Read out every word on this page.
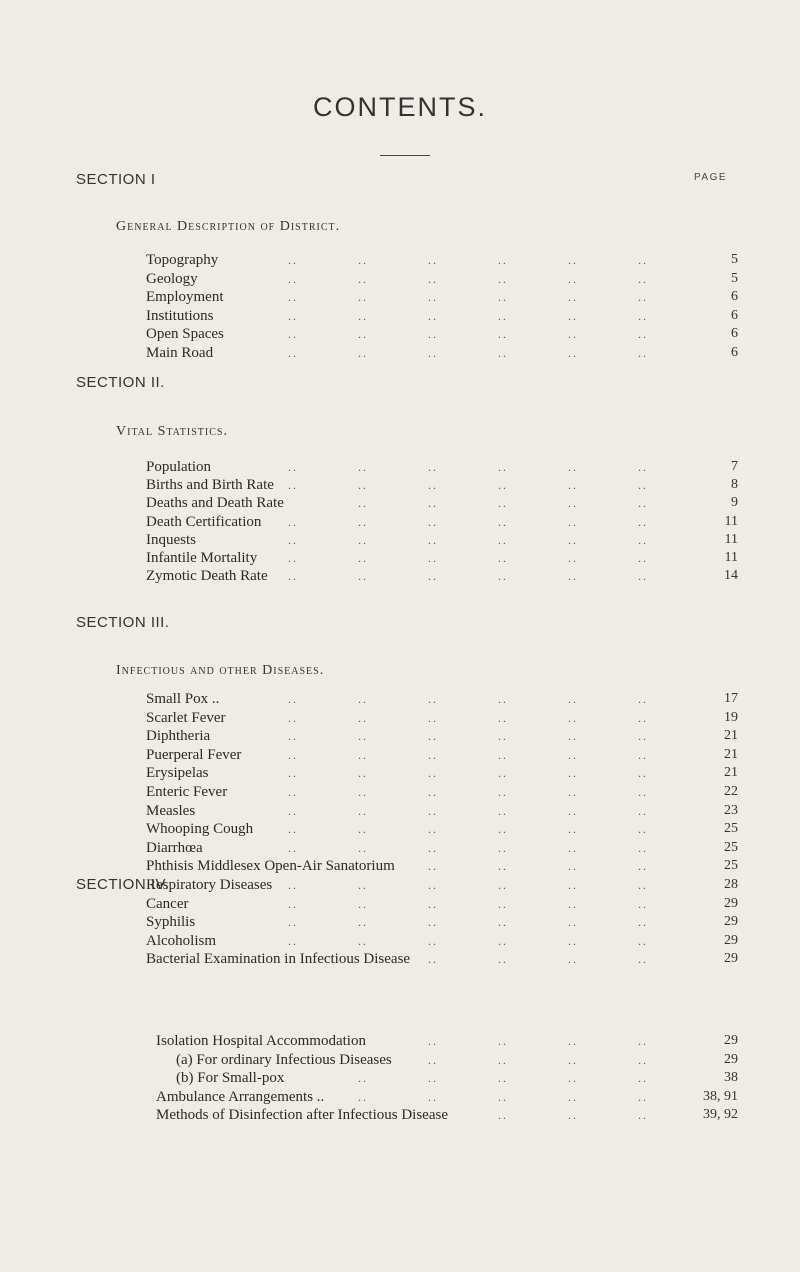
CONTENTS.
PAGE
SECTION I
General Description of District.
Topography	..	..	..	..	..	..	5
Geology	..	..	..	..	..	..	5
Employment	..	..	..	..	..	..	6
Institutions	..	..	..	..	..	..	6
Open Spaces	..	..	..	..	..	..	6
Main Road	..	..	..	..	..	..	6
SECTION II.
Vital Statistics.
Population	..	..	..	..	..	..	7
Births and Birth Rate ..	..	..	..	..	..	8
Deaths and Death Rate	..	..	..	..	..	9
Death Certification ..	..	..	..	..	..	11
Inquests	..	..	..	..	..	..	11
Infantile Mortality	..	..	..	..	..	..	11
Zymotic Death Rate ..	..	..	..	..	..	14
SECTION III.
Infectious and other Diseases.
Small Pox ..	..	..	..	..	..	..	17
Scarlet Fever	..	..	..	..	..	..	19
Diphtheria	..	..	..	..	..	..	21
Puerperal Fever	..	..	..	..	..	..	21
Erysipelas	..	..	..	..	..	..	21
Enteric Fever	..	..	..	..	..	..	22
Measles	..	..	..	..	..	..	23
Whooping Cough	..	..	..	..	..	..	25
Diarrhœa	..	..	..	..	..	..	25
Phthisis Middlesex Open-Air Sanatorium	..	..	..	..	25
Respiratory Diseases ..	..	..	..	..	..	28
Cancer	..	..	..	..	..	..	29
Syphilis	..	..	..	..	..	..	29
Alcoholism	..	..	..	..	..	..	29
Bacterial Examination in Infectious Disease ..	..	..	..	29
SECTION IV.
Isolation Hospital Accommodation	..	..	..	..	29
(a) For ordinary Infectious Diseases	..	..	..	..	29
(b) For Small-pox	..	..	..	..	..	38
Ambulance Arrangements ..	..	..	..	..	..	38, 91
Methods of Disinfection after Infectious Disease	..	..	..	39, 92
